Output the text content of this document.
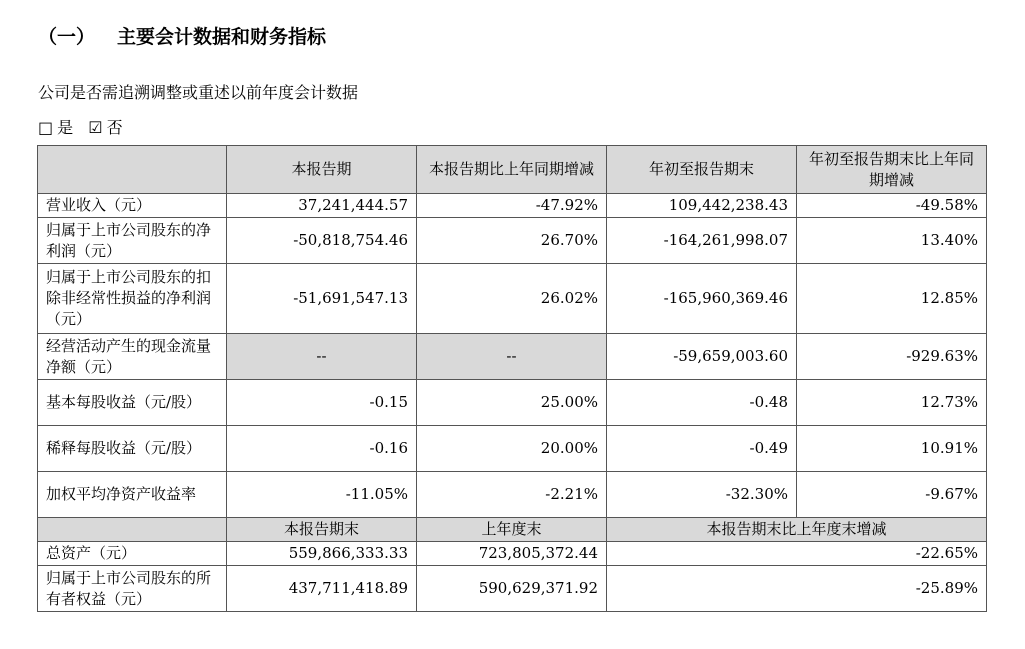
（一） 主要会计数据和财务指标
公司是否需追溯调整或重述以前年度会计数据
□ 是 ☑ 否
	本报告期	本报告期比上年同期增减	年初至报告期末	年初至报告期末比上年同期增减
营业收入（元）	37,241,444.57	-47.92%	109,442,238.43	-49.58%
归属于上市公司股东的净利润（元）	-50,818,754.46	26.70%	-164,261,998.07	13.40%
归属于上市公司股东的扣除非经常性损益的净利润（元）	-51,691,547.13	26.02%	-165,960,369.46	12.85%
经营活动产生的现金流量净额（元）	--	--	-59,659,003.60	-929.63%
基本每股收益（元/股）	-0.15	25.00%	-0.48	12.73%
稀释每股收益（元/股）	-0.16	20.00%	-0.49	10.91%
加权平均净资产收益率	-11.05%	-2.21%	-32.30%	-9.67%
	本报告期末	上年度末	本报告期末比上年度末增减	
总资产（元）	559,866,333.33	723,805,372.44	-22.65%	
归属于上市公司股东的所有者权益（元）	437,711,418.89	590,629,371.92	-25.89%	
